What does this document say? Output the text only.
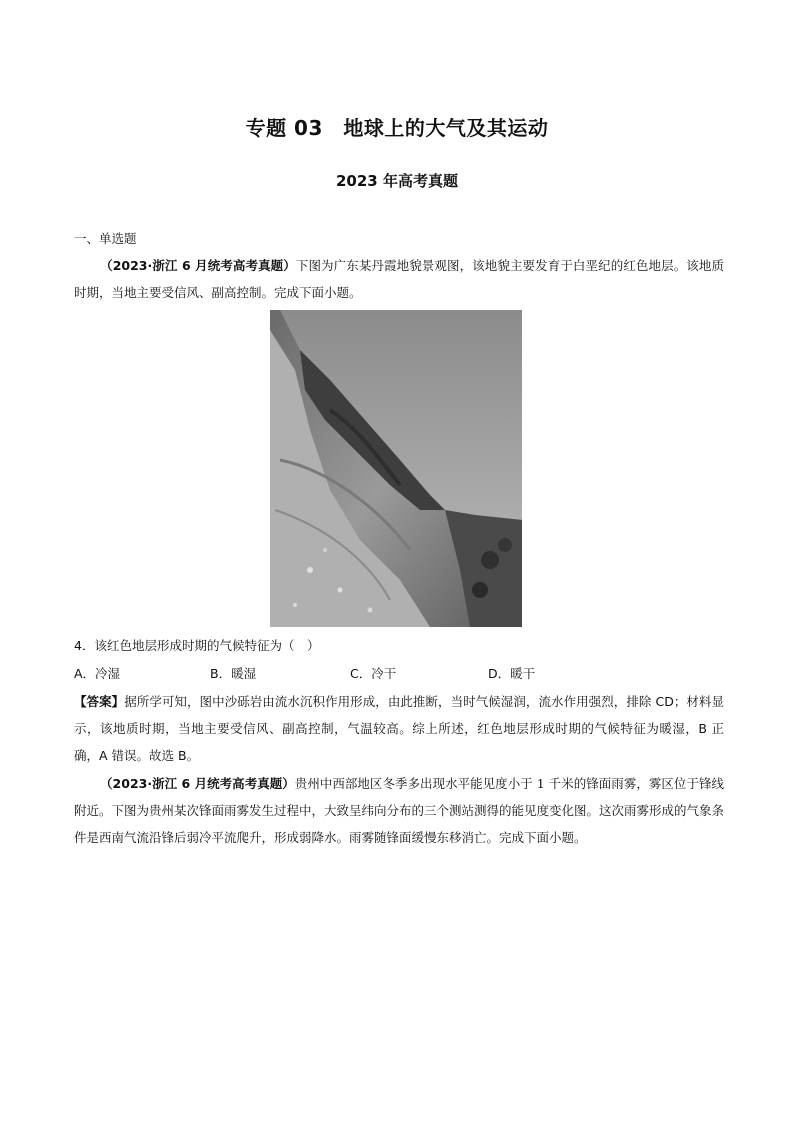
专题 03　地球上的大气及其运动
2023 年高考真题
一、单选题
（2023·浙江 6 月统考高考真题）下图为广东某丹霞地貌景观图，该地貌主要发育于白垩纪的红色地层。该地质时期，当地主要受信风、副高控制。完成下面小题。
4．该红色地层形成时期的气候特征为（　）
A．冷湿	B．暖湿	C．冷干	D．暖干
【答案】据所学可知，图中沙砾岩由流水沉积作用形成，由此推断，当时气候湿润，流水作用强烈，排除 CD；材料显示，该地质时期，当地主要受信风、副高控制，气温较高。综上所述，红色地层形成时期的气候特征为暖湿，B 正确，A 错误。故选 B。
（2023·浙江 6 月统考高考真题）贵州中西部地区冬季多出现水平能见度小于 1 千米的锋面雨雾，雾区位于锋线附近。下图为贵州某次锋面雨雾发生过程中，大致呈纬向分布的三个测站测得的能见度变化图。这次雨雾形成的气象条件是西南气流沿锋后弱冷平流爬升，形成弱降水。雨雾随锋面缓慢东移消亡。完成下面小题。
